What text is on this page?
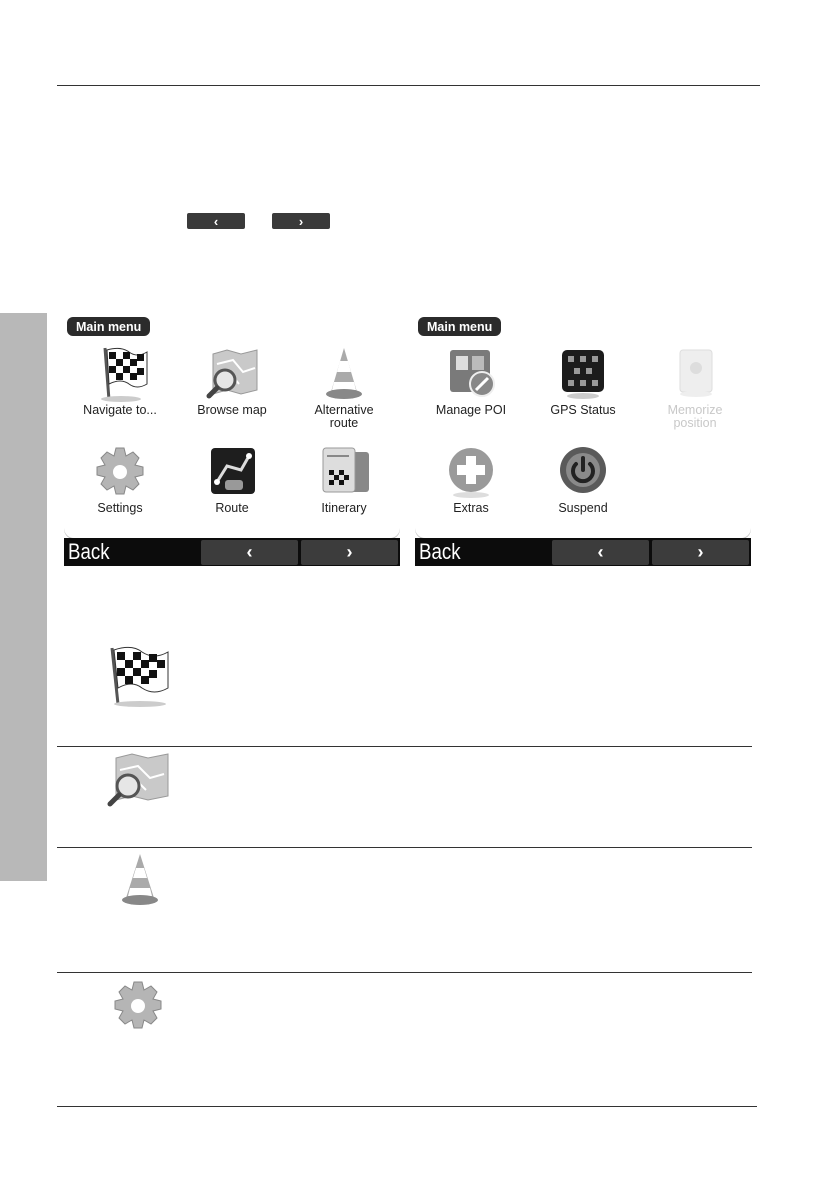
‹	›
Navigate to...	Browse map	Alternative route
Settings	Route	Itinerary
Main menu
Back	‹	›
Manage POI	GPS Status	Memorize position
Extras	Suspend
Main menu
Back	‹	›
